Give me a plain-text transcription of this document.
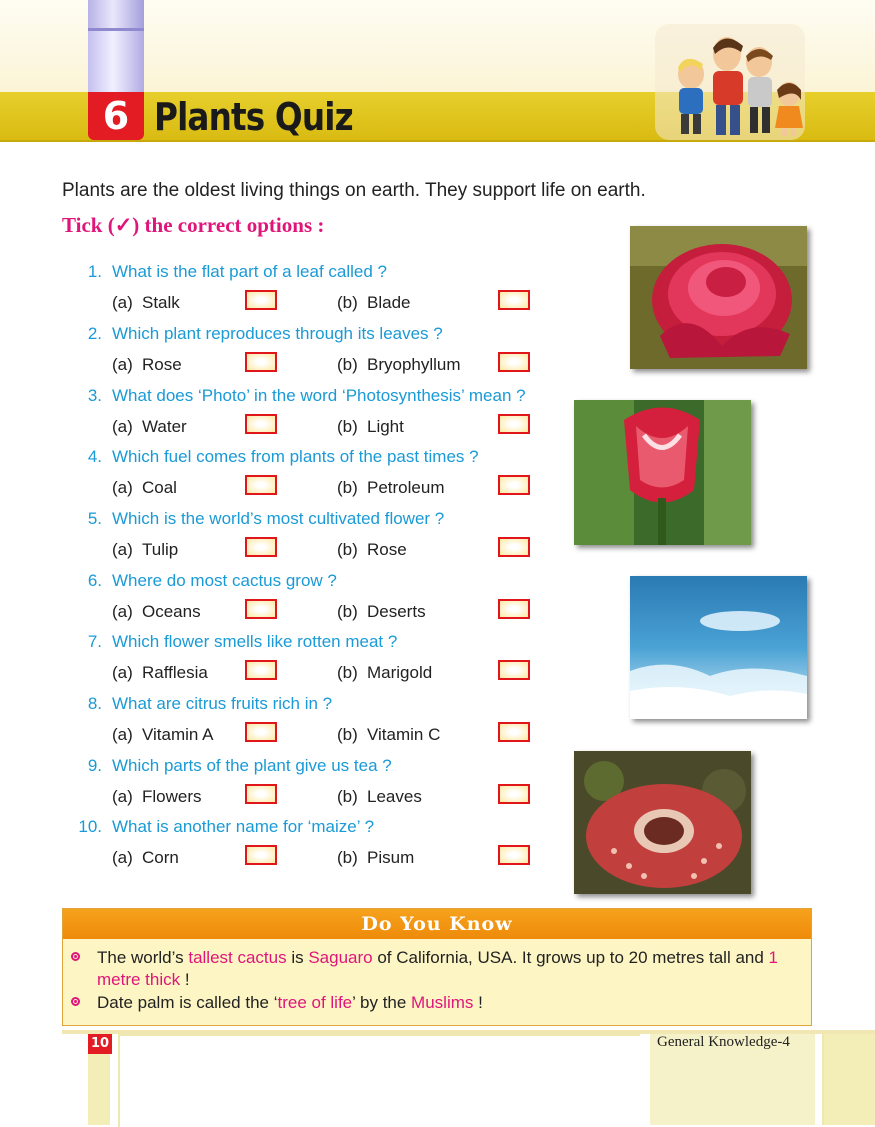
6 Plants Quiz
Plants are the oldest living things on earth. They support life on earth.
Tick (✓) the correct options :
1. What is the flat part of a leaf called ?
(a) Stalk	(b) Blade
2. Which plant reproduces through its leaves ?
(a) Rose	(b) Bryophyllum
3. What does ‘Photo’ in the word ‘Photosynthesis’ mean ?
(a) Water	(b) Light
4. Which fuel comes from plants of the past times ?
(a) Coal	(b) Petroleum
5. Which is the world’s most cultivated flower ?
(a) Tulip	(b) Rose
6. Where do most cactus grow ?
(a) Oceans	(b) Deserts
7. Which flower smells like rotten meat ?
(a) Rafflesia	(b) Marigold
8. What are citrus fruits rich in ?
(a) Vitamin A	(b) Vitamin C
9. Which parts of the plant give us tea ?
(a) Flowers	(b) Leaves
10. What is another name for ‘maize’ ?
(a) Corn	(b) Pisum
Do You Know
The world’s tallest cactus is Saguaro of California, USA. It grows up to 20 metres tall and 1 metre thick !
Date palm is called the ‘tree of life’ by the Muslims !
10	General Knowledge-4
